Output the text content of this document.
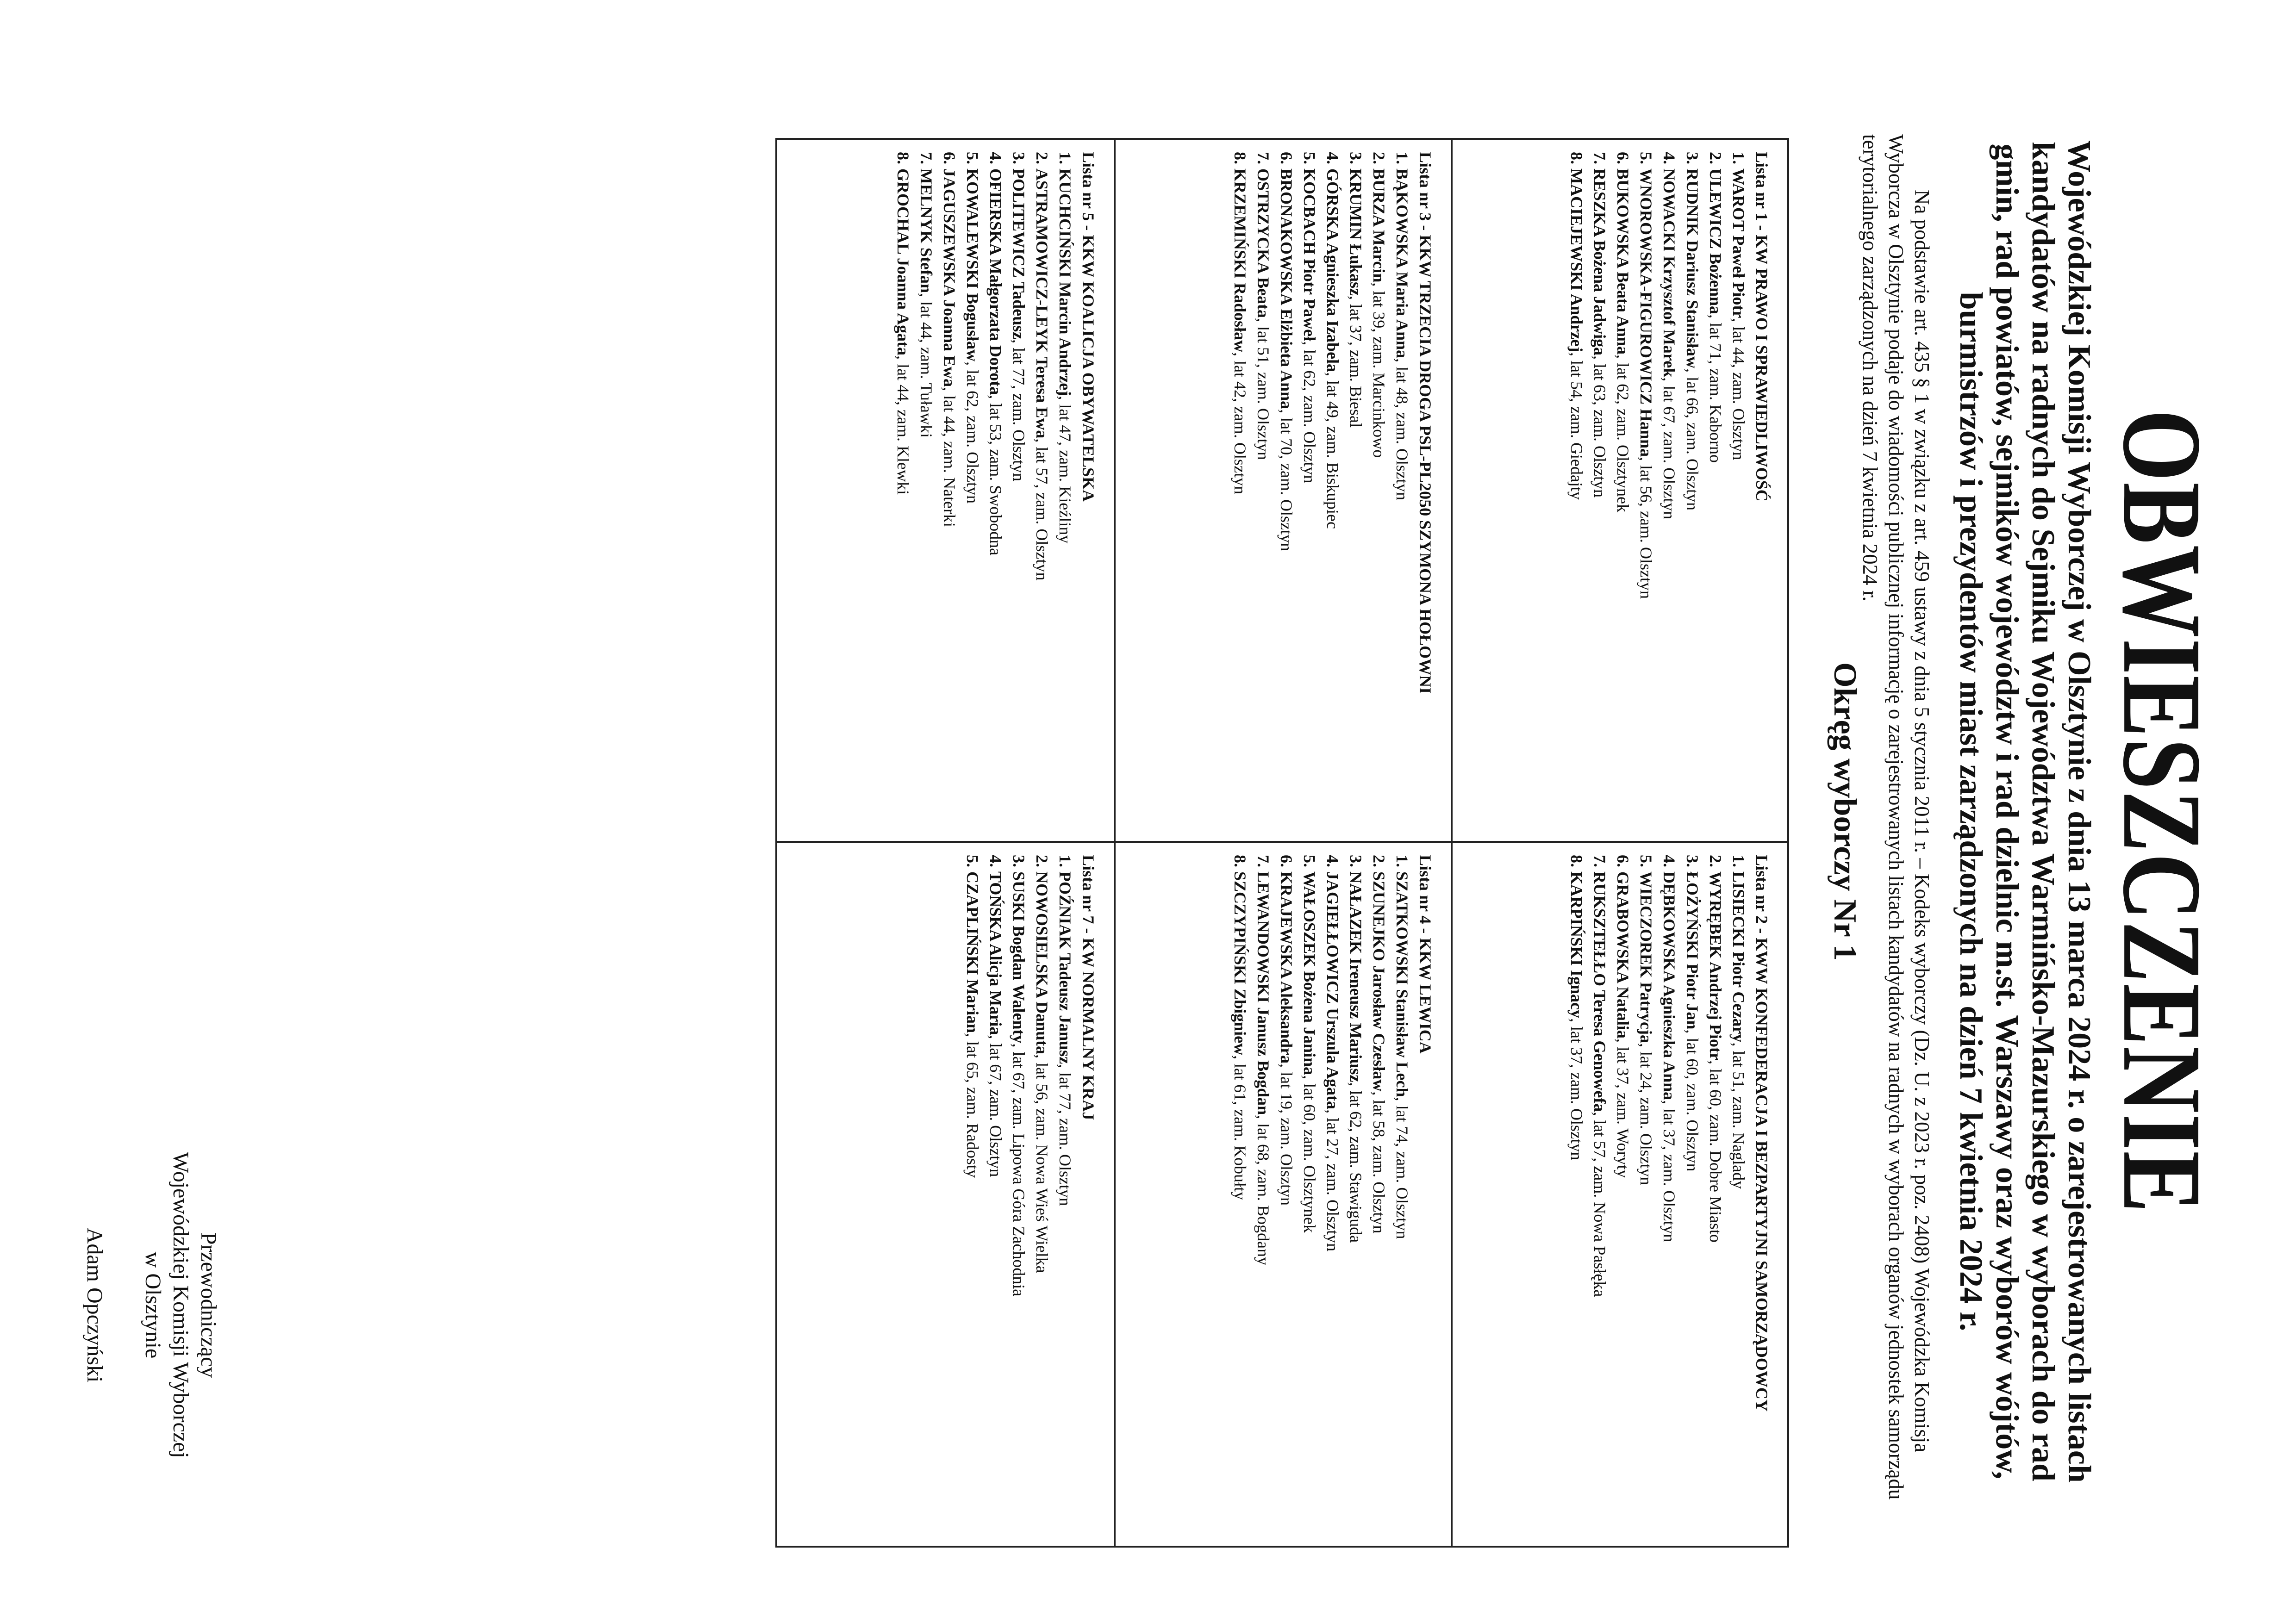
OBWIESZCZENIE

Wojewódzkiej Komisji Wyborczej w Olsztynie z dnia 13 marca 2024 r. o zarejestrowanych listach kandydatów na radnych do Sejmiku Województwa Warmińsko-Mazurskiego w wyborach do rad gmin, rad powiatów, sejmików województw i rad dzielnic m.st. Warszawy oraz wyborów wójtów, burmistrzów i prezydentów miast zarządzonych na dzień 7 kwietnia 2024 r.

Na podstawie art. 435 § 1 w związku z art. 459 ustawy z dnia 5 stycznia 2011 r. – Kodeks wyborczy (Dz. U. z 2023 r. poz. 2408) Wojewódzka Komisja Wyborcza w Olsztynie podaje do wiadomości publicznej informację o zarejestrowanych listach kandydatów na radnych w wyborach organów jednostek samorządu terytorialnego zarządzonych na dzień 7 kwietnia 2024 r.

Okręg wyborczy Nr 1

Lista nr 1 - KW PRAWO I SPRAWIEDLIWOŚĆ
1. WAROT Paweł Piotr, lat 44, zam. Olsztyn
2. ULEWICZ Bożenna, lat 71, zam. Kaborno
3. RUDNIK Dariusz Stanisław, lat 66, zam. Olsztyn
4. NOWACKI Krzysztof Marek, lat 67, zam. Olsztyn
5. WNOROWSKA-FIGUROWICZ Hanna, lat 56, zam. Olsztyn
6. BUKOWSKA Beata Anna, lat 62, zam. Olsztynek
7. RESZKA Bożena Jadwiga, lat 63, zam. Olsztyn
8. MACIEJEWSKI Andrzej, lat 54, zam. Giedajty
Lista nr 2 - KWW KONFEDERACJA I BEZPARTYJNI SAMORZĄDOWCY
1. LISIECKI Piotr Cezary, lat 51, zam. Naglady
2. WYRĘBEK Andrzej Piotr, lat 60, zam. Dobre Miasto
3. ŁOŻYŃSKI Piotr Jan, lat 60, zam. Olsztyn
4. DĘBKOWSKA Agnieszka Anna, lat 37, zam. Olsztyn
5. WIECZOREK Patrycja, lat 24, zam. Olsztyn
6. GRABOWSKA Natalia, lat 37, zam. Woryty
7. RUKSZTEŁŁO Teresa Genowefa, lat 57, zam. Nowa Pasłęka
8. KARPIŃSKI Ignacy, lat 37, zam. Olsztyn
Lista nr 3 - KKW TRZECIA DROGA PSL-PL2050 SZYMONA HOŁOWNI
1. BĄKOWSKA Maria Anna, lat 48, zam. Olsztyn
2. BURZA Marcin, lat 39, zam. Marcinkowo
3. KRUMIN Łukasz, lat 37, zam. Biesal
4. GÓRSKA Agnieszka Izabela, lat 49, zam. Biskupiec
5. KOCBACH Piotr Paweł, lat 62, zam. Olsztyn
6. BRONAKOWSKA Elżbieta Anna, lat 70, zam. Olsztyn
7. OSTRZYCKA Beata, lat 51, zam. Olsztyn
8. KRZEMIŃSKI Radosław, lat 42, zam. Olsztyn
Lista nr 4 - KKW LEWICA
1. SZATKOWSKI Stanisław Lech, lat 74, zam. Olsztyn
2. SZUNEJKO Jarosław Czesław, lat 58, zam. Olsztyn
3. NAŁAZEK Ireneusz Mariusz, lat 62, zam. Stawiguda
4. JAGIEŁŁOWICZ Urszula Agata, lat 27, zam. Olsztyn
5. WAŁOSZEK Bożena Janina, lat 60, zam. Olsztynek
6. KRAJEWSKA Aleksandra, lat 19, zam. Olsztyn
7. LEWANDOWSKI Janusz Bogdan, lat 68, zam. Bogdany
8. SZCZYPIŃSKI Zbigniew, lat 61, zam. Kobułty
Lista nr 5 - KKW KOALICJA OBYWATELSKA
1. KUCHCIŃSKI Marcin Andrzej, lat 47, zam. Kieźliny
2. ASTRAMOWICZ-LEYK Teresa Ewa, lat 57, zam. Olsztyn
3. POLITEWICZ Tadeusz, lat 77, zam. Olsztyn
4. OFIERSKA Małgorzata Dorota, lat 53, zam. Swobodna
5. KOWALEWSKI Bogusław, lat 62, zam. Olsztyn
6. JAGUSZEWSKA Joanna Ewa, lat 44, zam. Naterki
7. MELNYK Stefan, lat 44, zam. Tuławki
8. GROCHAL Joanna Agata, lat 44, zam. Klewki
Lista nr 7 - KW NORMALNY KRAJ
1. POŹNIAK Tadeusz Janusz, lat 77, zam. Olsztyn
2. NOWOSIELSKA Danuta, lat 56, zam. Nowa Wieś Wielka
3. SUSKI Bogdan Walenty, lat 67, zam. Lipowa Góra Zachodnia
4. TOŃSKA Alicja Maria, lat 67, zam. Olsztyn
5. CZAPLIŃSKI Marian, lat 65, zam. Radosty
Przewodniczący
Wojewódzkiej Komisji Wyborczej
w Olsztynie
Adam Opczyński
